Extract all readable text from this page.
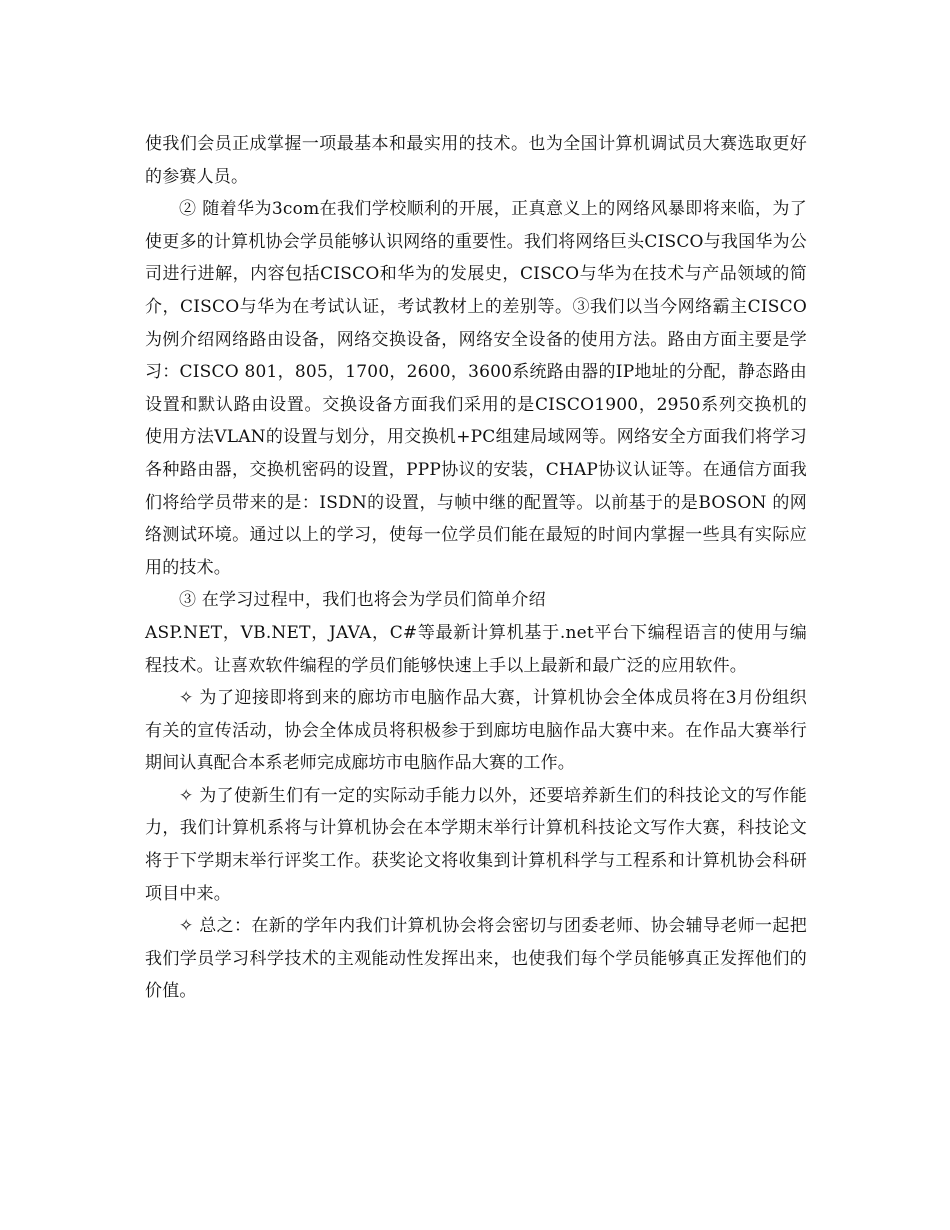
使我们会员正成掌握一项最基本和最实用的技术。也为全国计算机调试员大赛选取更好的参赛人员。

② 随着华为3com在我们学校顺利的开展，正真意义上的网络风暴即将来临，为了使更多的计算机协会学员能够认识网络的重要性。我们将网络巨头CISCO与我国华为公司进行进解，内容包括CISCO和华为的发展史，CISCO与华为在技术与产品领域的简介，CISCO与华为在考试认证，考试教材上的差别等。③我们以当今网络霸主CISCO为例介绍网络路由设备，网络交换设备，网络安全设备的使用方法。路由方面主要是学习：CISCO 801，805，1700，2600，3600系统路由器的IP地址的分配，静态路由设置和默认路由设置。交换设备方面我们采用的是CISCO1900，2950系列交换机的使用方法VLAN的设置与划分，用交换机+PC组建局域网等。网络安全方面我们将学习各种路由器，交换机密码的设置，PPP协议的安装，CHAP协议认证等。在通信方面我们将给学员带来的是：ISDN的设置，与帧中继的配置等。以前基于的是BOSON 的网络测试环境。通过以上的学习，使每一位学员们能在最短的时间内掌握一些具有实际应用的技术。

③ 在学习过程中，我们也将会为学员们简单介绍

ASP.NET，VB.NET，JAVA，C#等最新计算机基于.net平台下编程语言的使用与编程技术。让喜欢软件编程的学员们能够快速上手以上最新和最广泛的应用软件。

✧ 为了迎接即将到来的廊坊市电脑作品大赛，计算机协会全体成员将在3月份组织有关的宣传活动，协会全体成员将积极参于到廊坊电脑作品大赛中来。在作品大赛举行期间认真配合本系老师完成廊坊市电脑作品大赛的工作。

✧ 为了使新生们有一定的实际动手能力以外，还要培养新生们的科技论文的写作能力，我们计算机系将与计算机协会在本学期末举行计算机科技论文写作大赛，科技论文将于下学期末举行评奖工作。获奖论文将收集到计算机科学与工程系和计算机协会科研项目中来。

✧ 总之：在新的学年内我们计算机协会将会密切与团委老师、协会辅导老师一起把我们学员学习科学技术的主观能动性发挥出来，也使我们每个学员能够真正发挥他们的价值。
